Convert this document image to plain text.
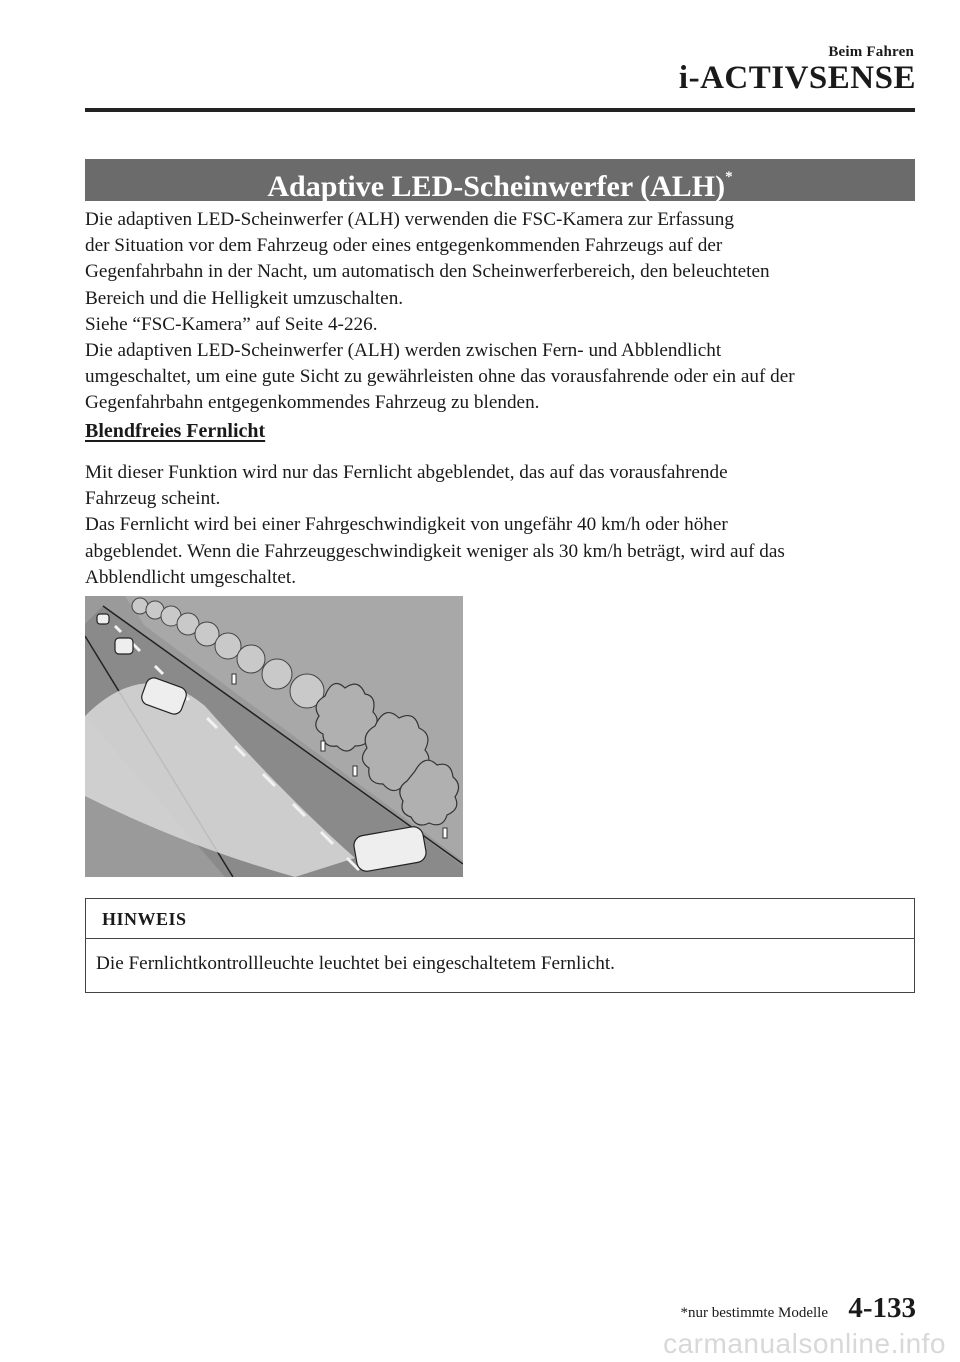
Beim Fahren
i-ACTIVSENSE
Adaptive LED-Scheinwerfer (ALH)*
Die adaptiven LED-Scheinwerfer (ALH) verwenden die FSC-Kamera zur Erfassung
der Situation vor dem Fahrzeug oder eines entgegenkommenden Fahrzeugs auf der
Gegenfahrbahn in der Nacht, um automatisch den Scheinwerferbereich, den beleuchteten
Bereich und die Helligkeit umzuschalten.
Siehe “FSC-Kamera” auf Seite 4-226.
Die adaptiven LED-Scheinwerfer (ALH) werden zwischen Fern- und Abblendlicht
umgeschaltet, um eine gute Sicht zu gewährleisten ohne das vorausfahrende oder ein auf der
Gegenfahrbahn entgegenkommendes Fahrzeug zu blenden.
Blendfreies Fernlicht
Mit dieser Funktion wird nur das Fernlicht abgeblendet, das auf das vorausfahrende
Fahrzeug scheint.
Das Fernlicht wird bei einer Fahrgeschwindigkeit von ungefähr 40 km/h oder höher
abgeblendet. Wenn die Fahrzeuggeschwindigkeit weniger als 30 km/h beträgt, wird auf das
Abblendlicht umgeschaltet.
HINWEIS
Die Fernlichtkontrollleuchte leuchtet bei eingeschaltetem Fernlicht.
*nur bestimmte Modelle 4-133
carmanualsonline.info
